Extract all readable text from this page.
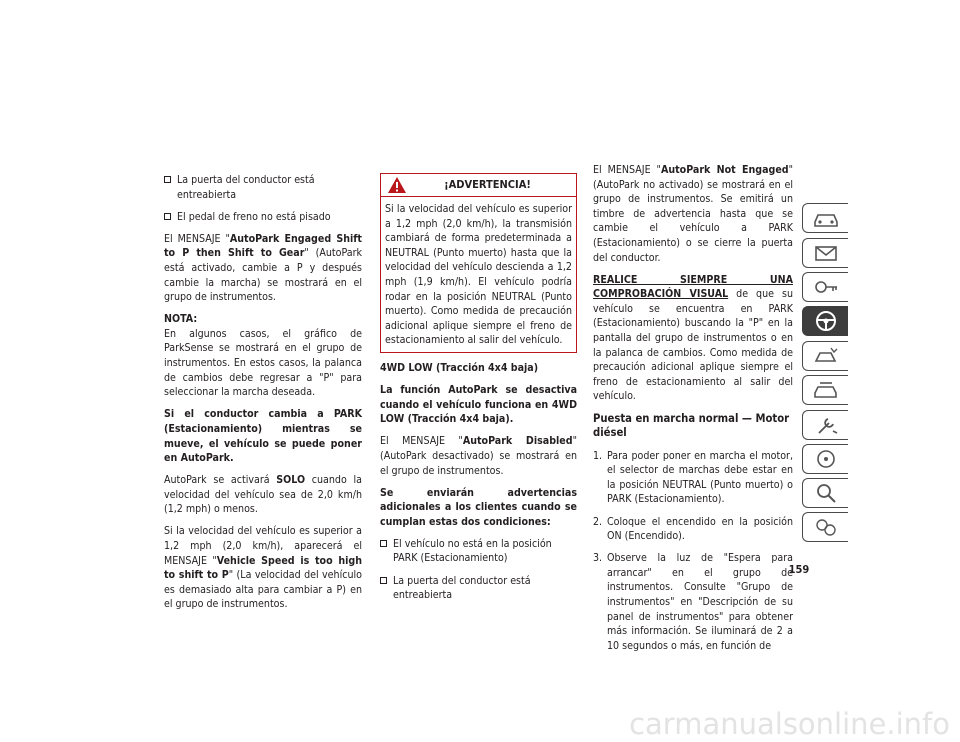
La puerta del conductor está entreabierta
El pedal de freno no está pisado

El MENSAJE "AutoPark Engaged Shift to P then Shift to Gear" (AutoPark está activado, cambie a P y después cambie la marcha) se mostrará en el grupo de instrumentos.

NOTA:

En algunos casos, el gráfico de ParkSense se mostrará en el grupo de instrumentos. En estos casos, la palanca de cambios debe regresar a "P" para seleccionar la marcha deseada.

Si el conductor cambia a PARK (Estacionamiento) mientras se mueve, el vehículo se puede poner en AutoPark.

AutoPark se activará SOLO cuando la velocidad del vehículo sea de 2,0 km/h (1,2 mph) o menos.

Si la velocidad del vehículo es superior a 1,2 mph (2,0 km/h), aparecerá el MENSAJE "Vehicle Speed is too high to shift to P" (La velocidad del vehículo es demasiado alta para cambiar a P) en el grupo de instrumentos.

¡ADVERTENCIA!
Si la velocidad del vehículo es superior a 1,2 mph (2,0 km/h), la transmisión cambiará de forma predeterminada a NEUTRAL (Punto muerto) hasta que la velocidad del vehículo descienda a 1,2 mph (1,9 km/h). El vehículo podría rodar en la posición NEUTRAL (Punto muerto). Como medida de precaución adicional aplique siempre el freno de estacionamiento al salir del vehículo.

4WD LOW (Tracción 4x4 baja)

La función AutoPark se desactiva cuando el vehículo funciona en 4WD LOW (Tracción 4x4 baja).

El MENSAJE "AutoPark Disabled" (AutoPark desactivado) se mostrará en el grupo de instrumentos.

Se enviarán advertencias adicionales a los clientes cuando se cumplan estas dos condiciones:

El vehículo no está en la posición PARK (Estacionamiento)
La puerta del conductor está entreabierta

El MENSAJE "AutoPark Not Engaged" (AutoPark no activado) se mostrará en el grupo de instrumentos. Se emitirá un timbre de advertencia hasta que se cambie el vehículo a PARK (Estacionamiento) o se cierre la puerta del conductor.

REALICE SIEMPRE UNA COMPROBACIÓN VISUAL de que su vehículo se encuentra en PARK (Estacionamiento) buscando la "P" en la pantalla del grupo de instrumentos o en la palanca de cambios. Como medida de precaución adicional aplique siempre el freno de estacionamiento al salir del vehículo.

Puesta en marcha normal — Motor diésel
1. Para poder poner en marcha el motor, el selector de marchas debe estar en la posición NEUTRAL (Punto muerto) o PARK (Estacionamiento).
2. Coloque el encendido en la posición ON (Encendido).
3. Observe la luz de "Espera para arrancar" en el grupo de instrumentos. Consulte "Grupo de instrumentos" en "Descripción de su panel de instrumentos" para obtener más información. Se iluminará de 2 a 10 segundos o más, en función de
159
carmanualsonline.info
